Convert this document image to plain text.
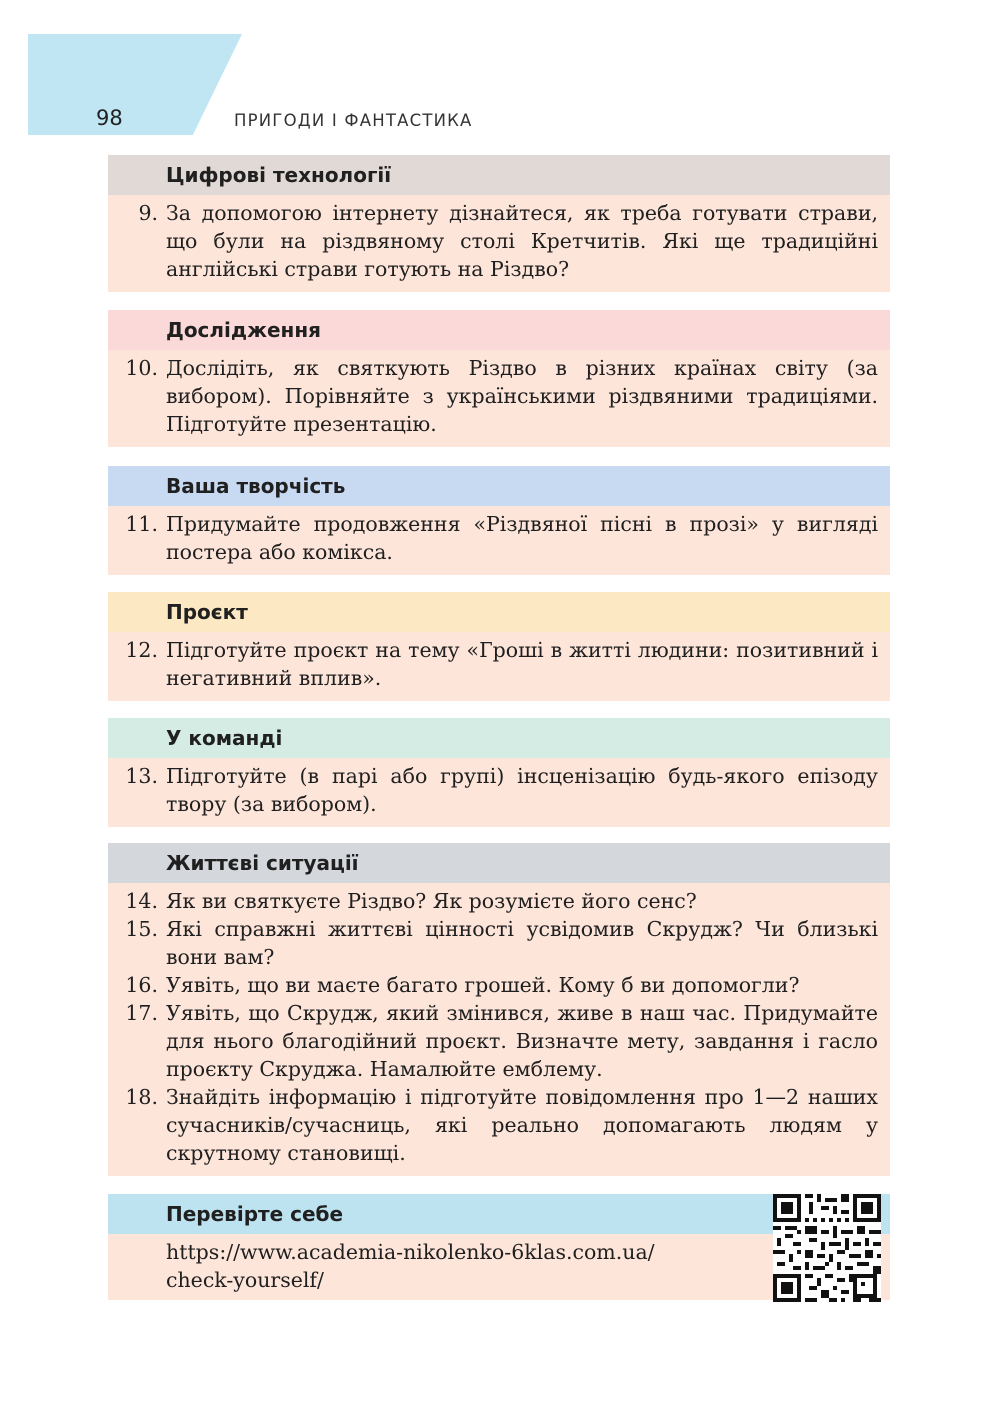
98	ПРИГОДИ І ФАНТАСТИКА
Цифрові технології
9. За допомогою інтернету дізнайтеся, як треба готувати страви, що були на різдвяному столі Кретчитів. Які ще традиційні англійські страви готують на Різдво?
Дослідження
10. Дослідіть, як святкують Різдво в різних країнах світу (за вибором). Порівняйте з українськими різдвяними традиціями. Підготуйте презентацію.
Ваша творчість
11. Придумайте продовження «Різдвяної пісні в прозі» у вигляді постера або комікса.
Проєкт
12. Підготуйте проєкт на тему «Гроші в житті людини: позитивний і негативний вплив».
У команді
13. Підготуйте (в парі або групі) інсценізацію будь-якого епізоду твору (за вибором).
Життєві ситуації
14. Як ви святкуєте Різдво? Як розумієте його сенс?
15. Які справжні життєві цінності усвідомив Скрудж? Чи близькі вони вам?
16. Уявіть, що ви маєте багато грошей. Кому б ви допомогли?
17. Уявіть, що Скрудж, який змінився, живе в наш час. Придумайте для нього благодійний проєкт. Визначте мету, завдання і гасло проєкту Скруджа. Намалюйте емблему.
18. Знайдіть інформацію і підготуйте повідомлення про 1—2 наших сучасників/сучасниць, які реально допомагають людям у скрутному становищі.
Перевірте себе
https://www.academia-nikolenko-6klas.com.ua/
check-yourself/
